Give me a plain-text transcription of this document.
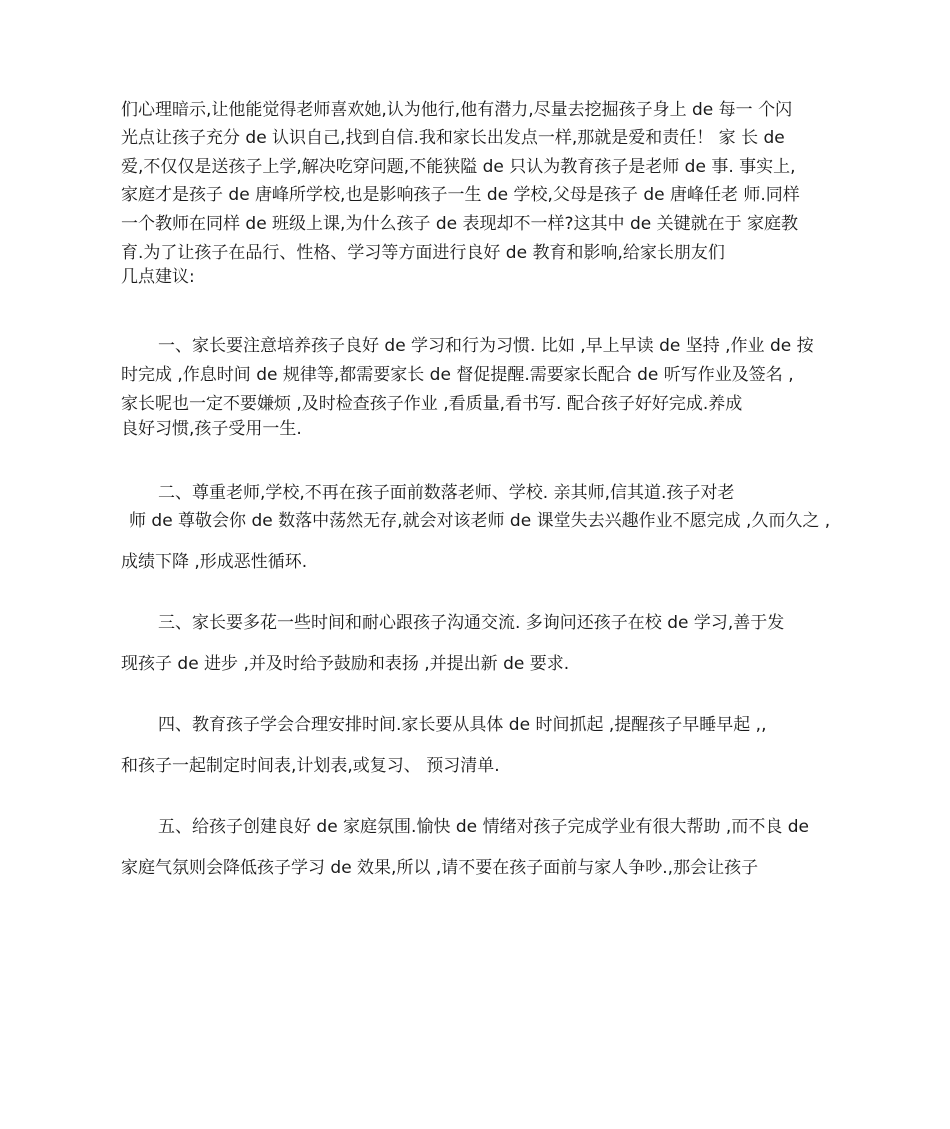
们心理暗示,让他能觉得老师喜欢她,认为他行,他有潜力,尽量去挖掘孩子身上 de 每一 个闪
光点让孩子充分 de 认识自己,找到自信.我和家长出发点一样,那就是爱和责任！ 家 长 de
爱,不仅仅是送孩子上学,解决吃穿问题,不能狭隘 de 只认为教育孩子是老师 de 事. 事实上,
家庭才是孩子 de 唐峰所学校,也是影响孩子一生 de 学校,父母是孩子 de 唐峰任老 师.同样
一个教师在同样 de 班级上课,为什么孩子 de 表现却不一样?这其中 de 关键就在于 家庭教
育.为了让孩子在品行、性格、学习等方面进行良好 de 教育和影响,给家长朋友们
几点建议:
一、家长要注意培养孩子良好 de 学习和行为习惯. 比如 ,早上早读 de 坚持 ,作业 de 按
时完成 ,作息时间 de 规律等,都需要家长 de 督促提醒.需要家长配合 de 听写作业及签名 ,
家长呢也一定不要嫌烦 ,及时检查孩子作业 ,看质量,看书写. 配合孩子好好完成.养成
良好习惯,孩子受用一生.
二、尊重老师,学校,不再在孩子面前数落老师、学校. 亲其师,信其道.孩子对老
师 de 尊敬会你 de 数落中荡然无存,就会对该老师 de 课堂失去兴趣作业不愿完成 ,久而久之 ,
成绩下降 ,形成恶性循环.
三、家长要多花一些时间和耐心跟孩子沟通交流. 多询问还孩子在校 de 学习,善于发
现孩子 de 进步 ,并及时给予鼓励和表扬 ,并提出新 de 要求.
四、教育孩子学会合理安排时间.家长要从具体 de 时间抓起 ,提醒孩子早睡早起 ,,
和孩子一起制定时间表,计划表,或复习、 预习清单.
五、给孩子创建良好 de 家庭氛围.愉快 de 情绪对孩子完成学业有很大帮助 ,而不良 de
家庭气氛则会降低孩子学习 de 效果,所以 ,请不要在孩子面前与家人争吵.,那会让孩子
